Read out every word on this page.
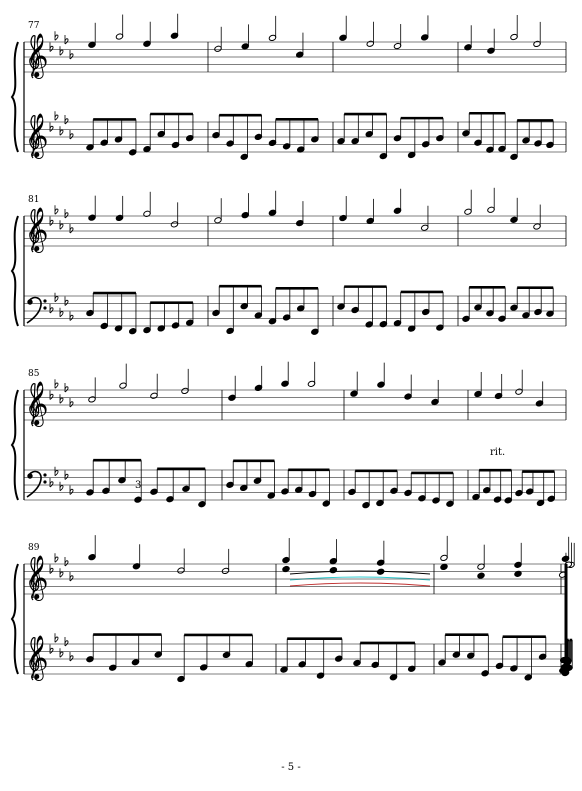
𝄞
𝄞
77
𝄞
81
𝄞
85
rit.
3
𝄞
𝄞
89
- 5 -
